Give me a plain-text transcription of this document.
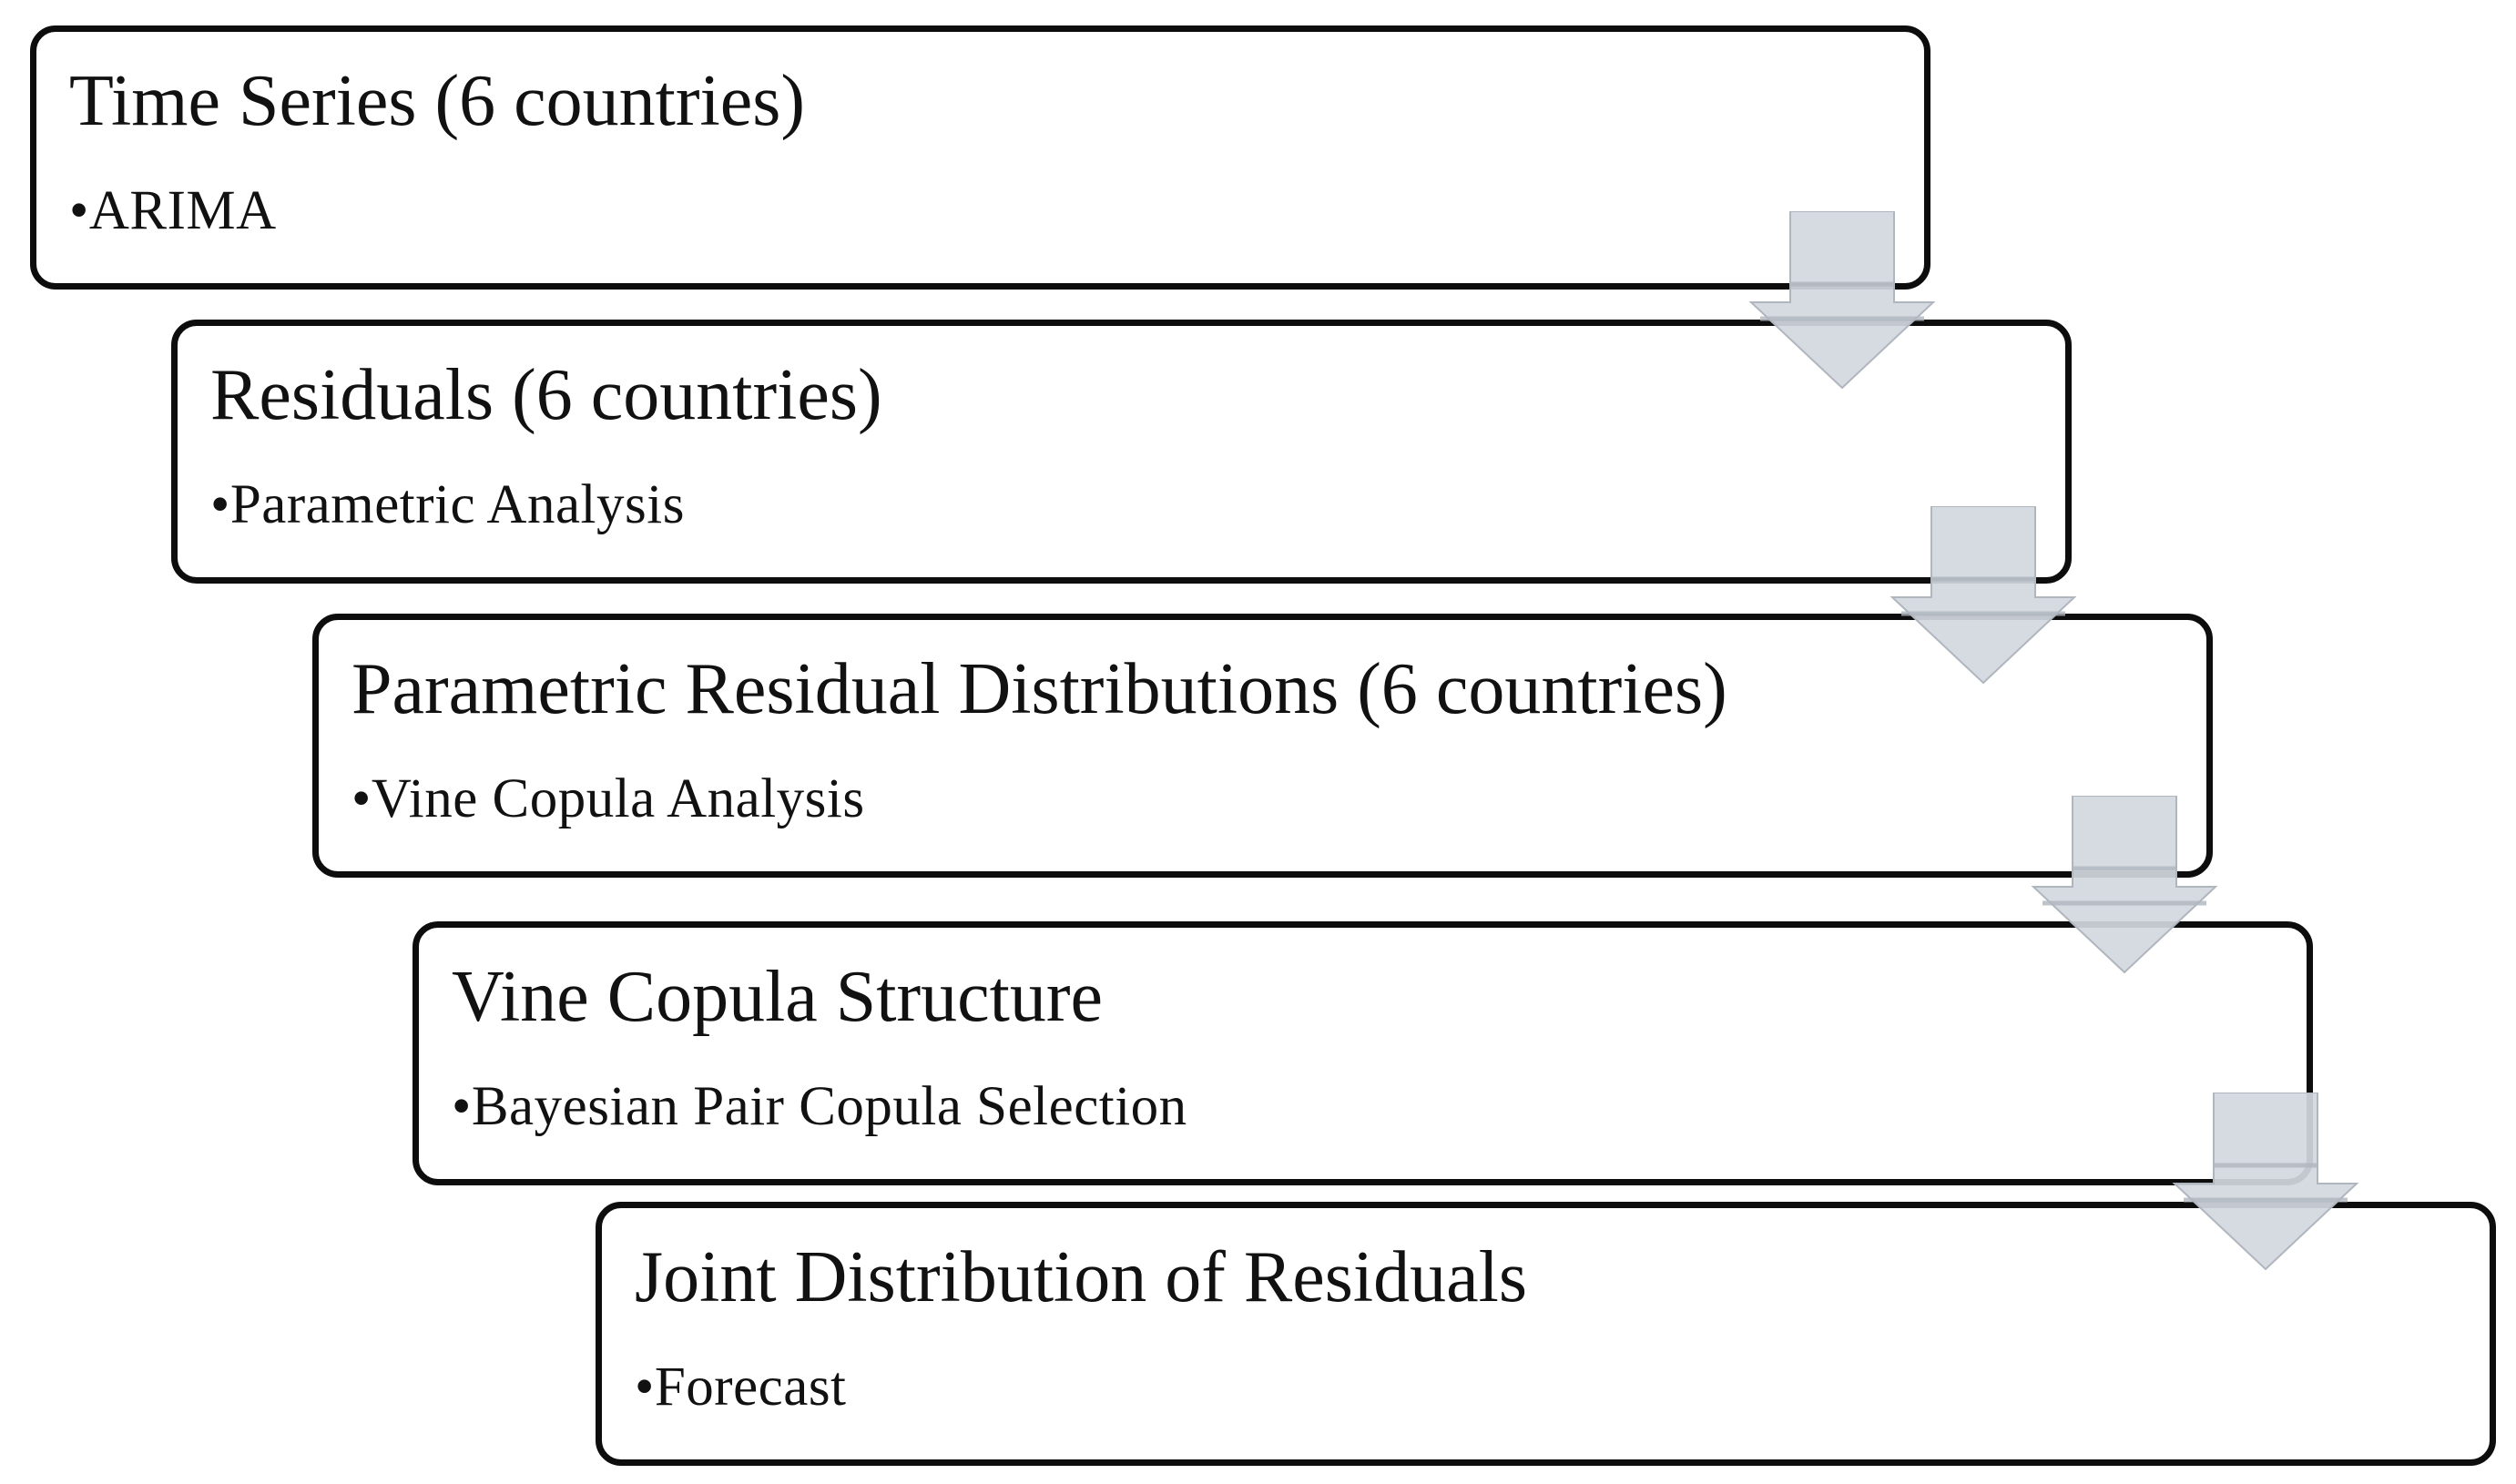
Time Series (6 countries)
•ARIMA
Residuals (6 countries)
•Parametric Analysis
Parametric Residual Distributions (6 countries)
•Vine Copula Analysis
Vine Copula Structure
•Bayesian Pair Copula Selection
Joint Distribution of Residuals
•Forecast
